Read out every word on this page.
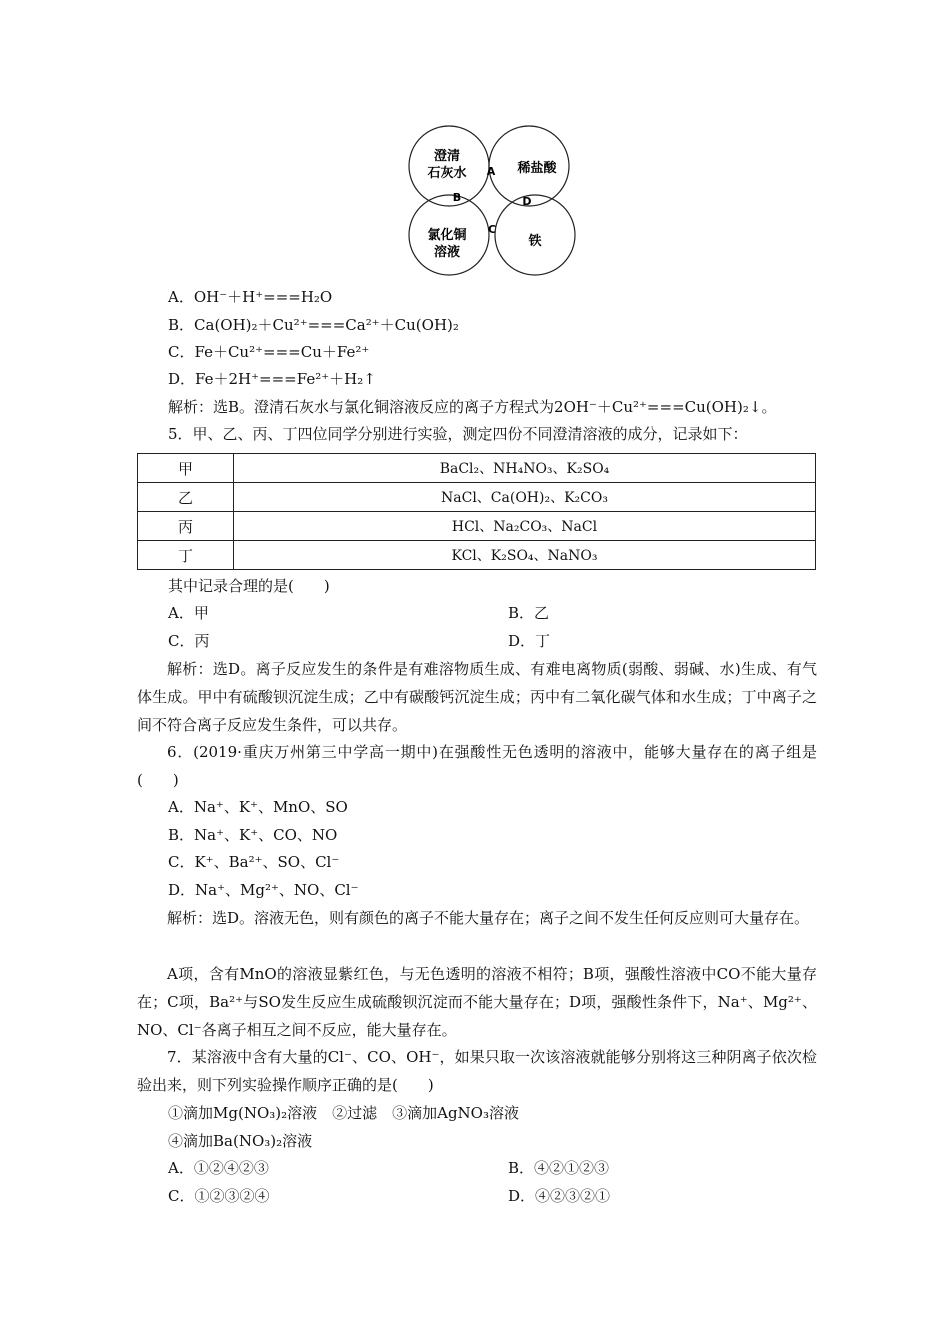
澄清
石灰水	稀盐酸
氯化铜
溶液
铁
A
B
C
D
A．OH⁻＋H⁺===H₂O
B．Ca(OH)₂＋Cu²⁺===Ca²⁺＋Cu(OH)₂
C．Fe＋Cu²⁺===Cu＋Fe²⁺
D．Fe＋2H⁺===Fe²⁺＋H₂↑
解析：选B。澄清石灰水与氯化铜溶液反应的离子方程式为2OH⁻＋Cu²⁺===Cu(OH)₂↓。
5．甲、乙、丙、丁四位同学分别进行实验，测定四份不同澄清溶液的成分，记录如下：
甲	BaCl₂、NH₄NO₃、K₂SO₄
乙	NaCl、Ca(OH)₂、K₂CO₃
丙	HCl、Na₂CO₃、NaCl
丁	KCl、K₂SO₄、NaNO₃
其中记录合理的是(　　)
A．甲	B．乙
C．丙	D．丁
解析：选D。离子反应发生的条件是有难溶物质生成、有难电离物质(弱酸、弱碱、水)生成、有气体生成。甲中有硫酸钡沉淀生成；乙中有碳酸钙沉淀生成；丙中有二氧化碳气体和水生成；丁中离子之间不符合离子反应发生条件，可以共存。
6．(2019·重庆万州第三中学高一期中)在强酸性无色透明的溶液中，能够大量存在的离子组是(　　)
A．Na⁺、K⁺、MnO、SO
B．Na⁺、K⁺、CO、NO
C．K⁺、Ba²⁺、SO、Cl⁻
D．Na⁺、Mg²⁺、NO、Cl⁻
解析：选D。溶液无色，则有颜色的离子不能大量存在；离子之间不发生任何反应则可大量存在。
A项，含有MnO的溶液显紫红色，与无色透明的溶液不相符；B项，强酸性溶液中CO不能大量存在；C项，Ba²⁺与SO发生反应生成硫酸钡沉淀而不能大量存在；D项，强酸性条件下，Na⁺、Mg²⁺、NO、Cl⁻各离子相互之间不反应，能大量存在。
7．某溶液中含有大量的Cl⁻、CO、OH⁻，如果只取一次该溶液就能够分别将这三种阴离子依次检验出来，则下列实验操作顺序正确的是(　　)
①滴加Mg(NO₃)₂溶液　②过滤　③滴加AgNO₃溶液
④滴加Ba(NO₃)₂溶液
A．①②④②③	B．④②①②③
C．①②③②④	D．④②③②①
